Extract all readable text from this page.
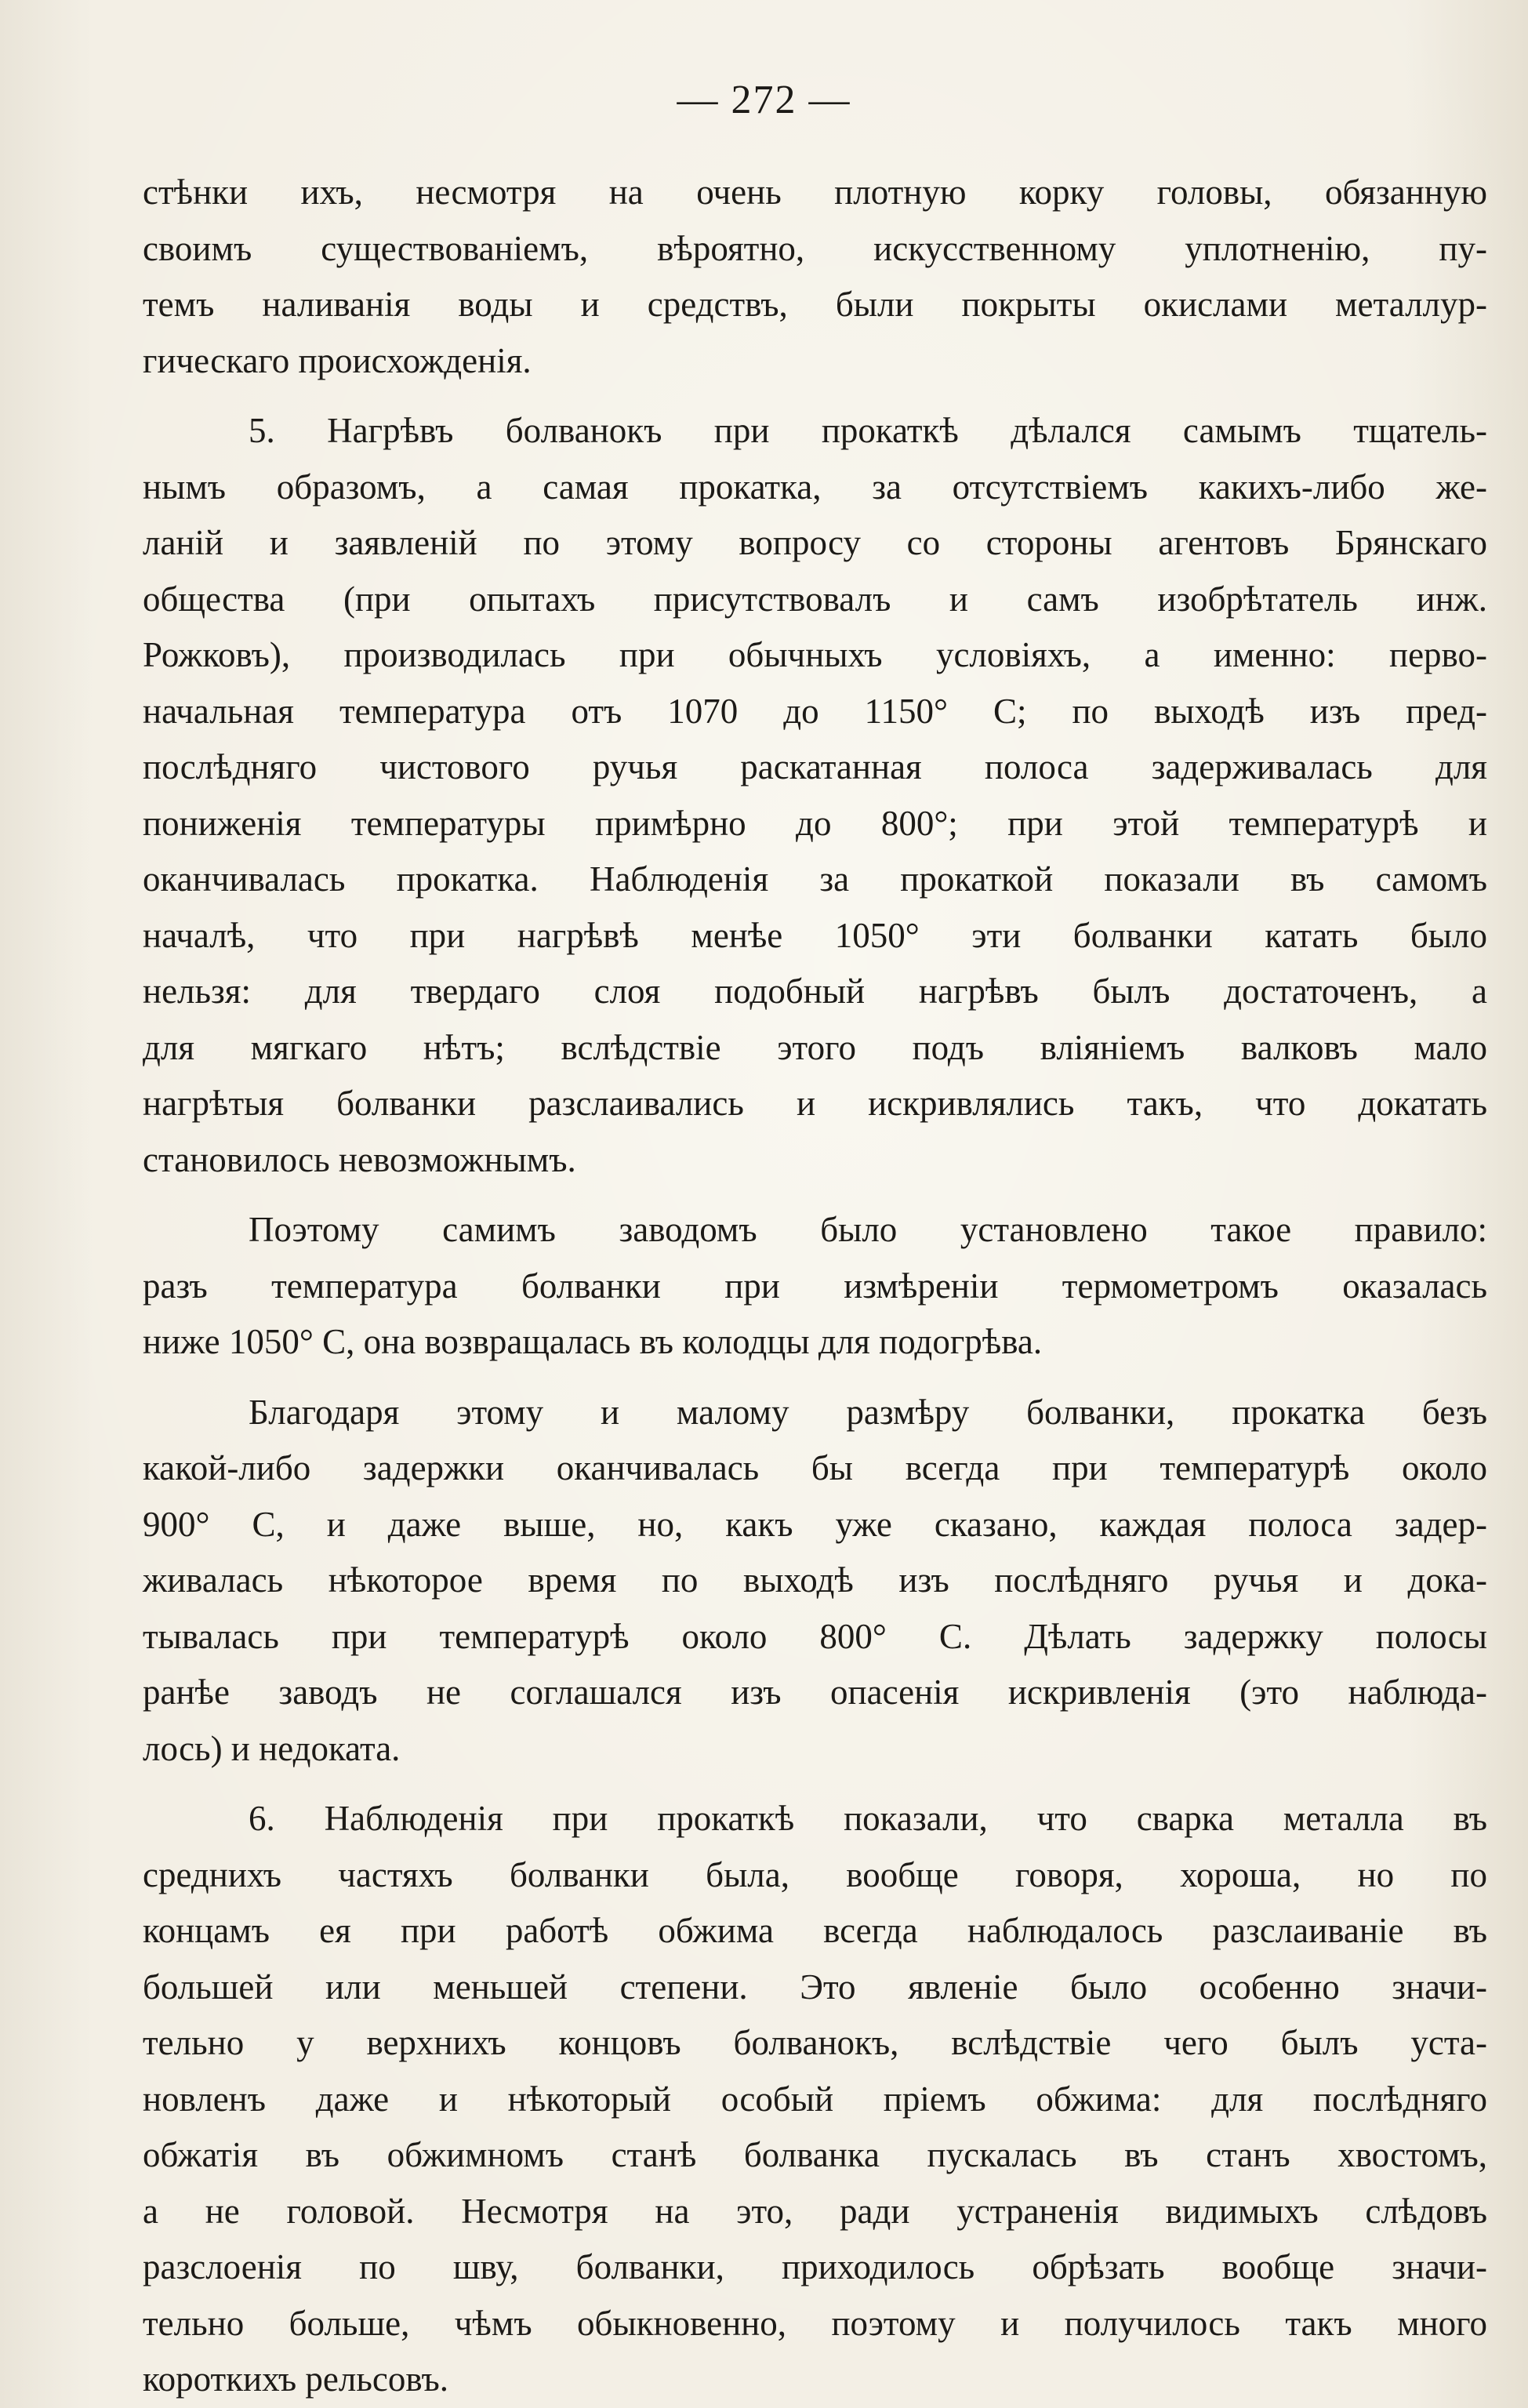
— 272 —
стѣнки ихъ, несмотря на очень плотную корку головы, обязанную
своимъ существованіемъ, вѣроятно, искусственному уплотненію, пу-
темъ наливанія воды и средствъ, были покрыты окислами металлур-
гическаго происхожденія.
5. Нагрѣвъ болванокъ при прокаткѣ дѣлался самымъ тщатель-
нымъ образомъ, а самая прокатка, за отсутствіемъ какихъ-либо же-
ланій и заявленій по этому вопросу со стороны агентовъ Брянскаго
общества (при опытахъ присутствовалъ и самъ изобрѣтатель инж.
Рожковъ), производилась при обычныхъ условіяхъ, а именно: перво-
начальная температура отъ 1070 до 1150° С; по выходѣ изъ пред-
послѣдняго чистового ручья раскатанная полоса задерживалась для
пониженія температуры примѣрно до 800°; при этой температурѣ и
оканчивалась прокатка. Наблюденія за прокаткой показали въ самомъ
началѣ, что при нагрѣвѣ менѣе 1050° эти болванки катать было
нельзя: для твердаго слоя подобный нагрѣвъ былъ достаточенъ, а
для мягкаго нѣтъ; вслѣдствіе этого подъ вліяніемъ валковъ мало
нагрѣтыя болванки разслаивались и искривлялись такъ, что докатать
становилось невозможнымъ.
Поэтому самимъ заводомъ было установлено такое правило:
разъ температура болванки при измѣреніи термометромъ оказалась
ниже 1050° С, она возвращалась въ колодцы для подогрѣва.
Благодаря этому и малому размѣру болванки, прокатка безъ
какой-либо задержки оканчивалась бы всегда при температурѣ около
900° С, и даже выше, но, какъ уже сказано, каждая полоса задер-
живалась нѣкоторое время по выходѣ изъ послѣдняго ручья и дока-
тывалась при температурѣ около 800° С. Дѣлать задержку полосы
ранѣе заводъ не соглашался изъ опасенія искривленія (это наблюда-
лось) и недоката.
6. Наблюденія при прокаткѣ показали, что сварка металла въ
среднихъ частяхъ болванки была, вообще говоря, хороша, но по
концамъ ея при работѣ обжима всегда наблюдалось разслаиваніе въ
большей или меньшей степени. Это явленіе было особенно значи-
тельно у верхнихъ концовъ болванокъ, вслѣдствіе чего былъ уста-
новленъ даже и нѣкоторый особый пріемъ обжима: для послѣдняго
обжатія въ обжимномъ станѣ болванка пускалась въ станъ хвостомъ,
а не головой. Несмотря на это, ради устраненія видимыхъ слѣдовъ
разслоенія по шву, болванки, приходилось обрѣзать вообще значи-
тельно больше, чѣмъ обыкновенно, поэтому и получилось такъ много
короткихъ рельсовъ.
